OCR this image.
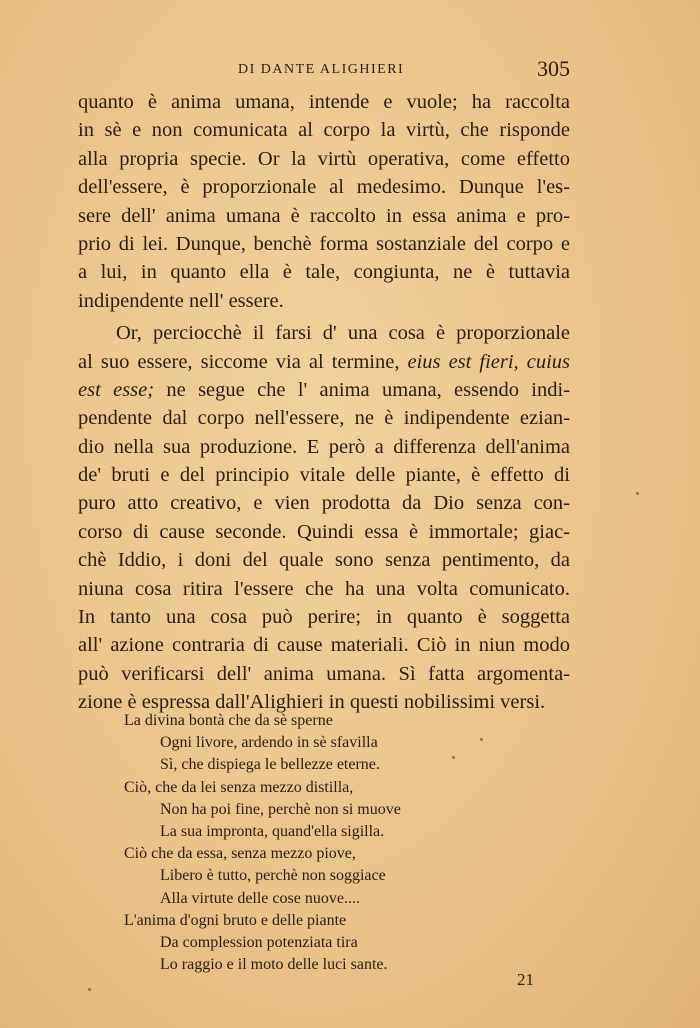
DI DANTE ALIGHIERI	305
quanto è anima umana, intende e vuole; ha raccolta
in sè e non comunicata al corpo la virtù, che risponde
alla propria specie. Or la virtù operativa, come effetto
dell'essere, è proporzionale al medesimo. Dunque l'es-
sere dell' anima umana è raccolto in essa anima e pro-
prio di lei. Dunque, benchè forma sostanziale del corpo e
a lui, in quanto ella è tale, congiunta, ne è tuttavia
indipendente nell' essere.
Or, perciocchè il farsi d' una cosa è proporzionale
al suo essere, siccome via al termine, eius est fieri, cuius
est esse; ne segue che l' anima umana, essendo indi-
pendente dal corpo nell'essere, ne è indipendente ezian-
dio nella sua produzione. E però a differenza dell'anima
de' bruti e del principio vitale delle piante, è effetto di
puro atto creativo, e vien prodotta da Dio senza con-
corso di cause seconde. Quindi essa è immortale; giac-
chè Iddio, i doni del quale sono senza pentimento, da
niuna cosa ritira l'essere che ha una volta comunicato.
In tanto una cosa può perire; in quanto è soggetta
all' azione contraria di cause materiali. Ciò in niun modo
può verificarsi dell' anima umana. Sì fatta argomenta-
zione è espressa dall'Alighieri in questi nobilissimi versi.
La divina bontà che da sè sperne
Ogni livore, ardendo in sè sfavilla
Sì, che dispiega le bellezze eterne.
Ciò, che da lei senza mezzo distilla,
Non ha poi fine, perchè non si muove
La sua impronta, quand'ella sigilla.
Ciò che da essa, senza mezzo piove,
Libero è tutto, perchè non soggiace
Alla virtute delle cose nuove....
L'anima d'ogni bruto e delle piante
Da complession potenziata tira
Lo raggio e il moto delle luci sante.
21
